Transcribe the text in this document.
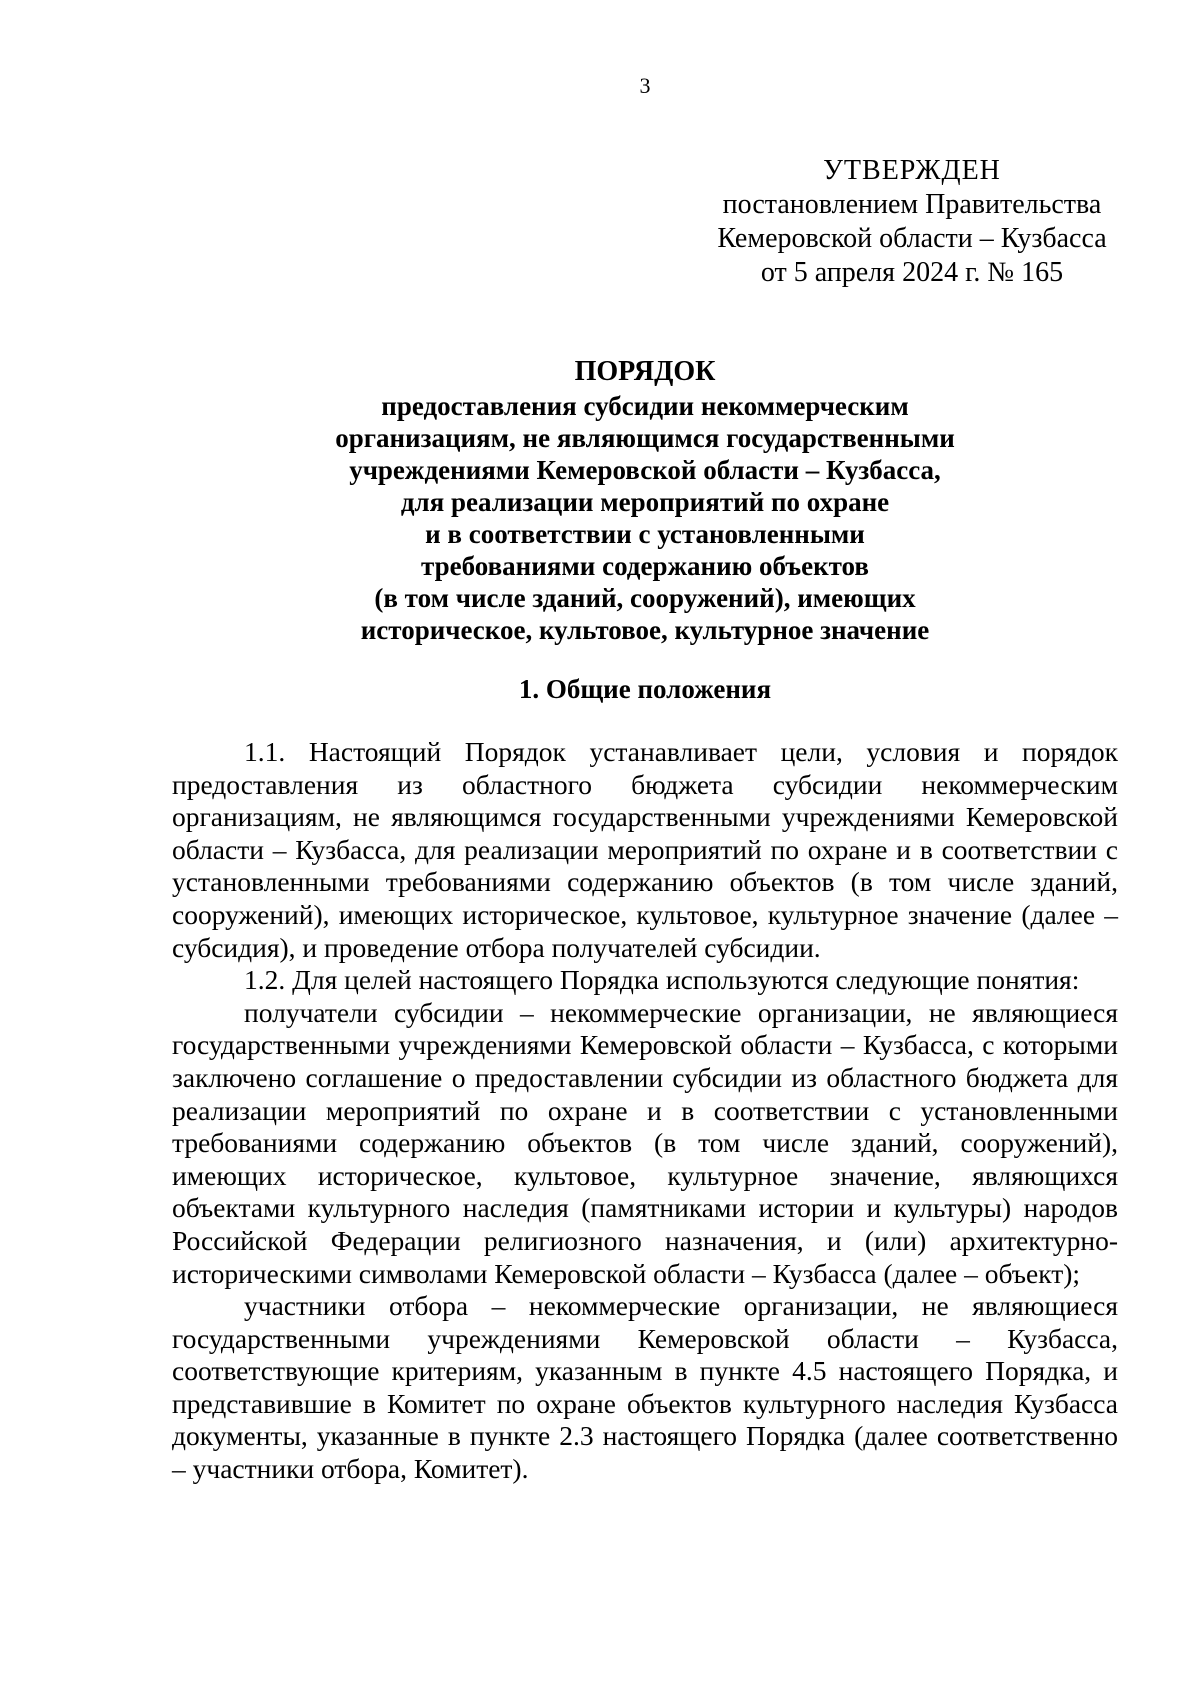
3
УТВЕРЖДЕН
постановлением Правительства
Кемеровской области – Кузбасса
от 5 апреля 2024 г. № 165
ПОРЯДОК
предоставления субсидии некоммерческим
организациям, не являющимся государственными
учреждениями Кемеровской области – Кузбасса,
для реализации мероприятий по охране
и в соответствии с установленными
требованиями содержанию объектов
(в том числе зданий, сооружений), имеющих
историческое, культовое, культурное значение
1. Общие положения

1.1. Настоящий Порядок устанавливает цели, условия и порядок предоставления из областного бюджета субсидии некоммерческим организациям, не являющимся государственными учреждениями Кемеровской области – Кузбасса, для реализации мероприятий по охране и в соответствии с установленными требованиями содержанию объектов (в том числе зданий, сооружений), имеющих историческое, культовое, культурное значение (далее – субсидия), и проведение отбора получателей субсидии.

1.2. Для целей настоящего Порядка используются следующие понятия:

получатели субсидии – некоммерческие организации, не являющиеся государственными учреждениями Кемеровской области – Кузбасса, с которыми заключено соглашение о предоставлении субсидии из областного бюджета для реализации мероприятий по охране и в соответствии с установленными требованиями содержанию объектов (в том числе зданий, сооружений), имеющих историческое, культовое, культурное значение, являющихся объектами культурного наследия (памятниками истории и культуры) народов Российской Федерации религиозного назначения, и (или) архитектурно-историческими символами Кемеровской области – Кузбасса (далее – объект);

участники отбора – некоммерческие организации, не являющиеся государственными учреждениями Кемеровской области – Кузбасса, соответствующие критериям, указанным в пункте 4.5 настоящего Порядка, и представившие в Комитет по охране объектов культурного наследия Кузбасса документы, указанные в пункте 2.3 настоящего Порядка (далее соответственно – участники отбора, Комитет).
